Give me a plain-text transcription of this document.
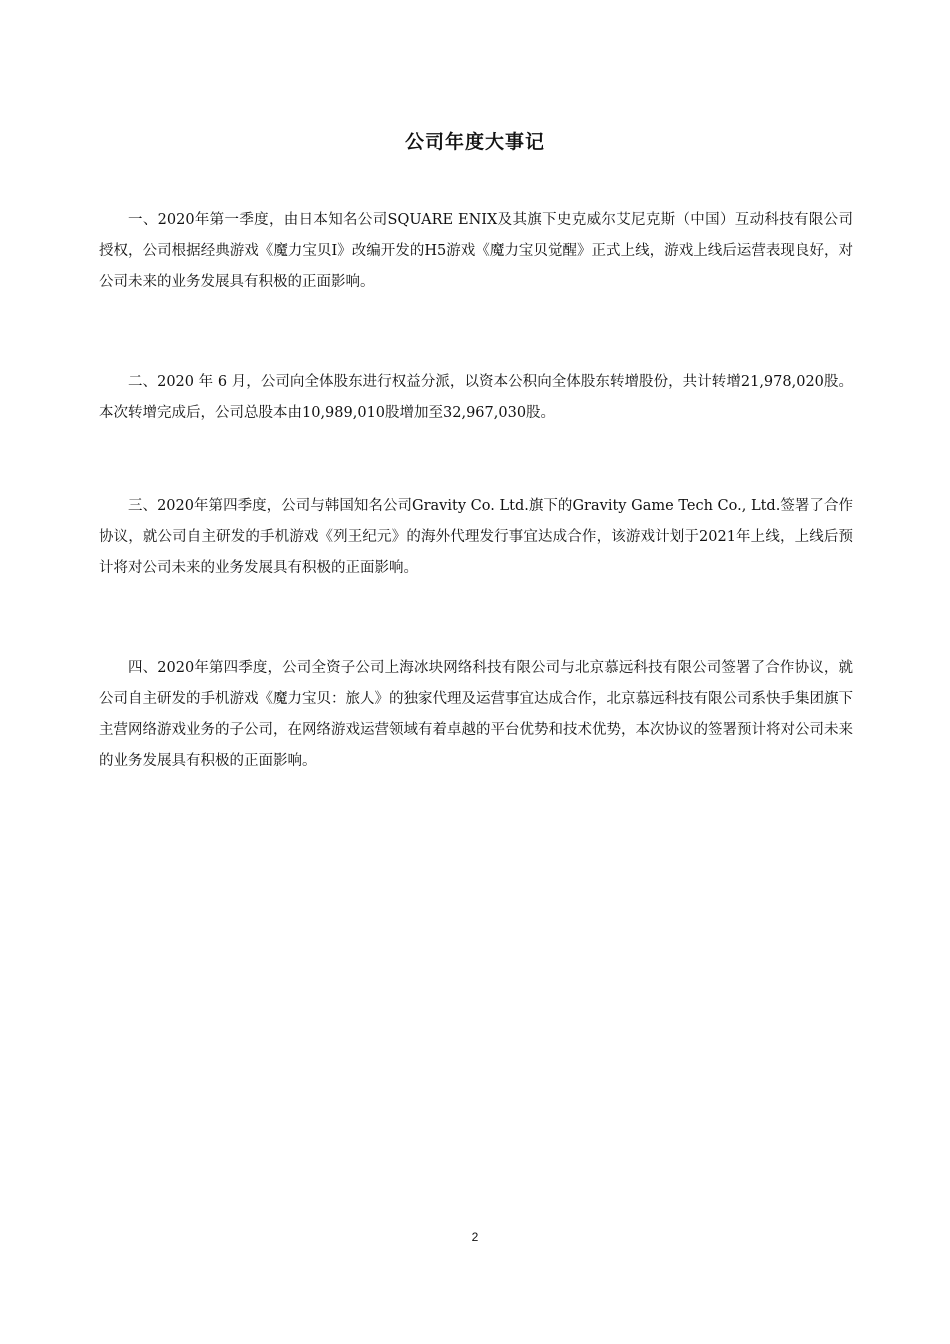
公司年度大事记

一、2020年第一季度，由日本知名公司SQUARE ENIX及其旗下史克威尔艾尼克斯（中国）互动科技有限公司授权，公司根据经典游戏《魔力宝贝Ⅰ》改编开发的H5游戏《魔力宝贝觉醒》正式上线，游戏上线后运营表现良好，对公司未来的业务发展具有积极的正面影响。

二、2020 年 6 月，公司向全体股东进行权益分派，以资本公积向全体股东转增股份，共计转增21,978,020股。本次转增完成后，公司总股本由10,989,010股增加至32,967,030股。

三、2020年第四季度，公司与韩国知名公司Gravity Co. Ltd.旗下的Gravity Game Tech Co., Ltd.签署了合作协议，就公司自主研发的手机游戏《列王纪元》的海外代理发行事宜达成合作，该游戏计划于2021年上线，上线后预计将对公司未来的业务发展具有积极的正面影响。

四、2020年第四季度，公司全资子公司上海冰块网络科技有限公司与北京慕远科技有限公司签署了合作协议，就公司自主研发的手机游戏《魔力宝贝：旅人》的独家代理及运营事宜达成合作，北京慕远科技有限公司系快手集团旗下主营网络游戏业务的子公司，在网络游戏运营领域有着卓越的平台优势和技术优势，本次协议的签署预计将对公司未来的业务发展具有积极的正面影响。

2
